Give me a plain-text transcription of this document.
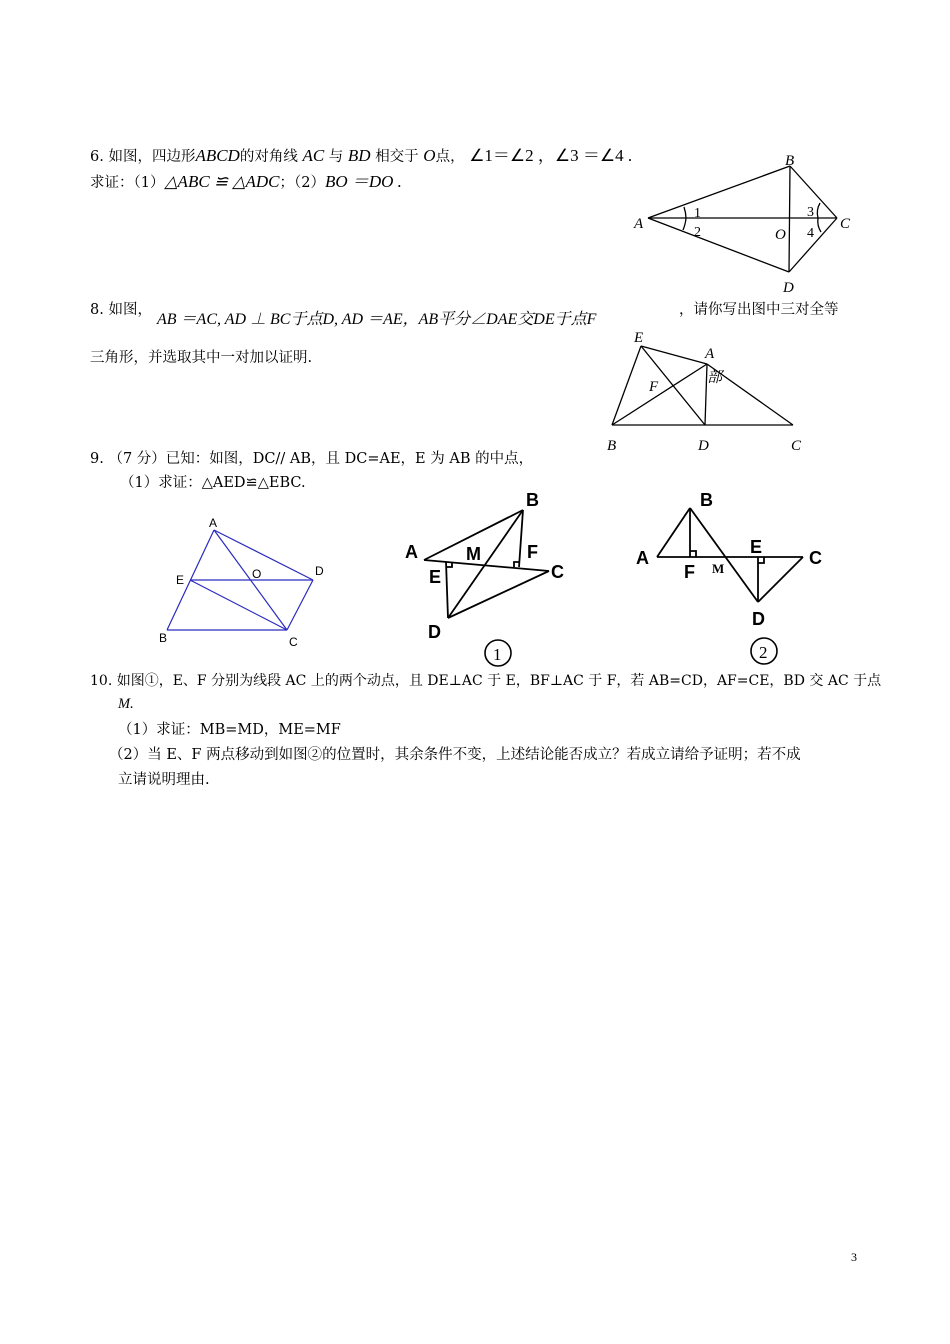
6. 如图，四边形ABCD的对角线 AC 与 BD 相交于 O点， ∠1＝∠2 ，∠3 ＝∠4 .
求证：（1）△ABC ≌ △ADC；（2）BO ＝DO .
A
B
C
D
O
1
2
3
4
8. 如图，
AB ＝AC, AD ⊥ BC于点D, AD ＝AE，AB平分∠DAE交DE于点F
，请你写出图中三对全等
三角形，并选取其中一对加以证明.
E
A
F
部
B	D	C
9. （7 分）已知：如图，DC// AB，且 DC=AE，E 为 AB 的中点，
（1）求证：△AED≌△EBC.
A
D
E	O
B	C
A
B
M	F
E	C
D
1
A
B
F M
E
C
D
2
10. 如图①，E、F 分别为线段 AC 上的两个动点，且 DE⊥AC 于 E，BF⊥AC 于 F，若 AB=CD，AF=CE，BD 交 AC 于点
M.
（1）求证：MB=MD，ME=MF
（2）当 E、F 两点移动到如图②的位置时，其余条件不变，上述结论能否成立？若成立请给予证明；若不成
立请说明理由.
3
